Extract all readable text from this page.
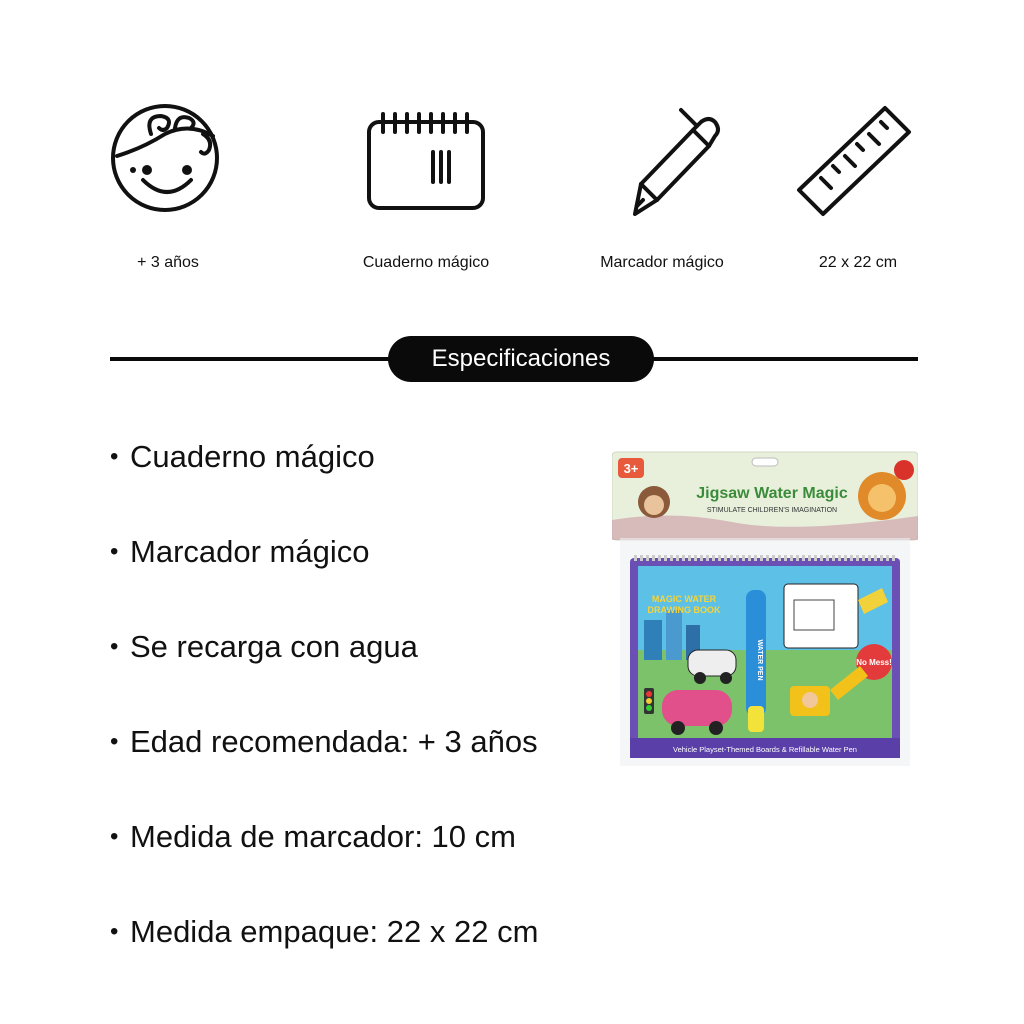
+ 3 años	Cuaderno mágico	Marcador mágico	22 x 22 cm
Especificaciones
• Cuaderno mágico
• Marcador mágico
• Se recarga con agua
• Edad recomendada: + 3 años
• Medida de marcador: 10 cm
• Medida empaque: 22 x 22 cm
3+
Jigsaw Water Magic
STIMULATE CHILDREN'S IMAGINATION
MAGIC WATER
DRAWING BOOK
WATER PEN	No Mess!
Vehicle Playset-Themed Boards & Refillable Water Pen
